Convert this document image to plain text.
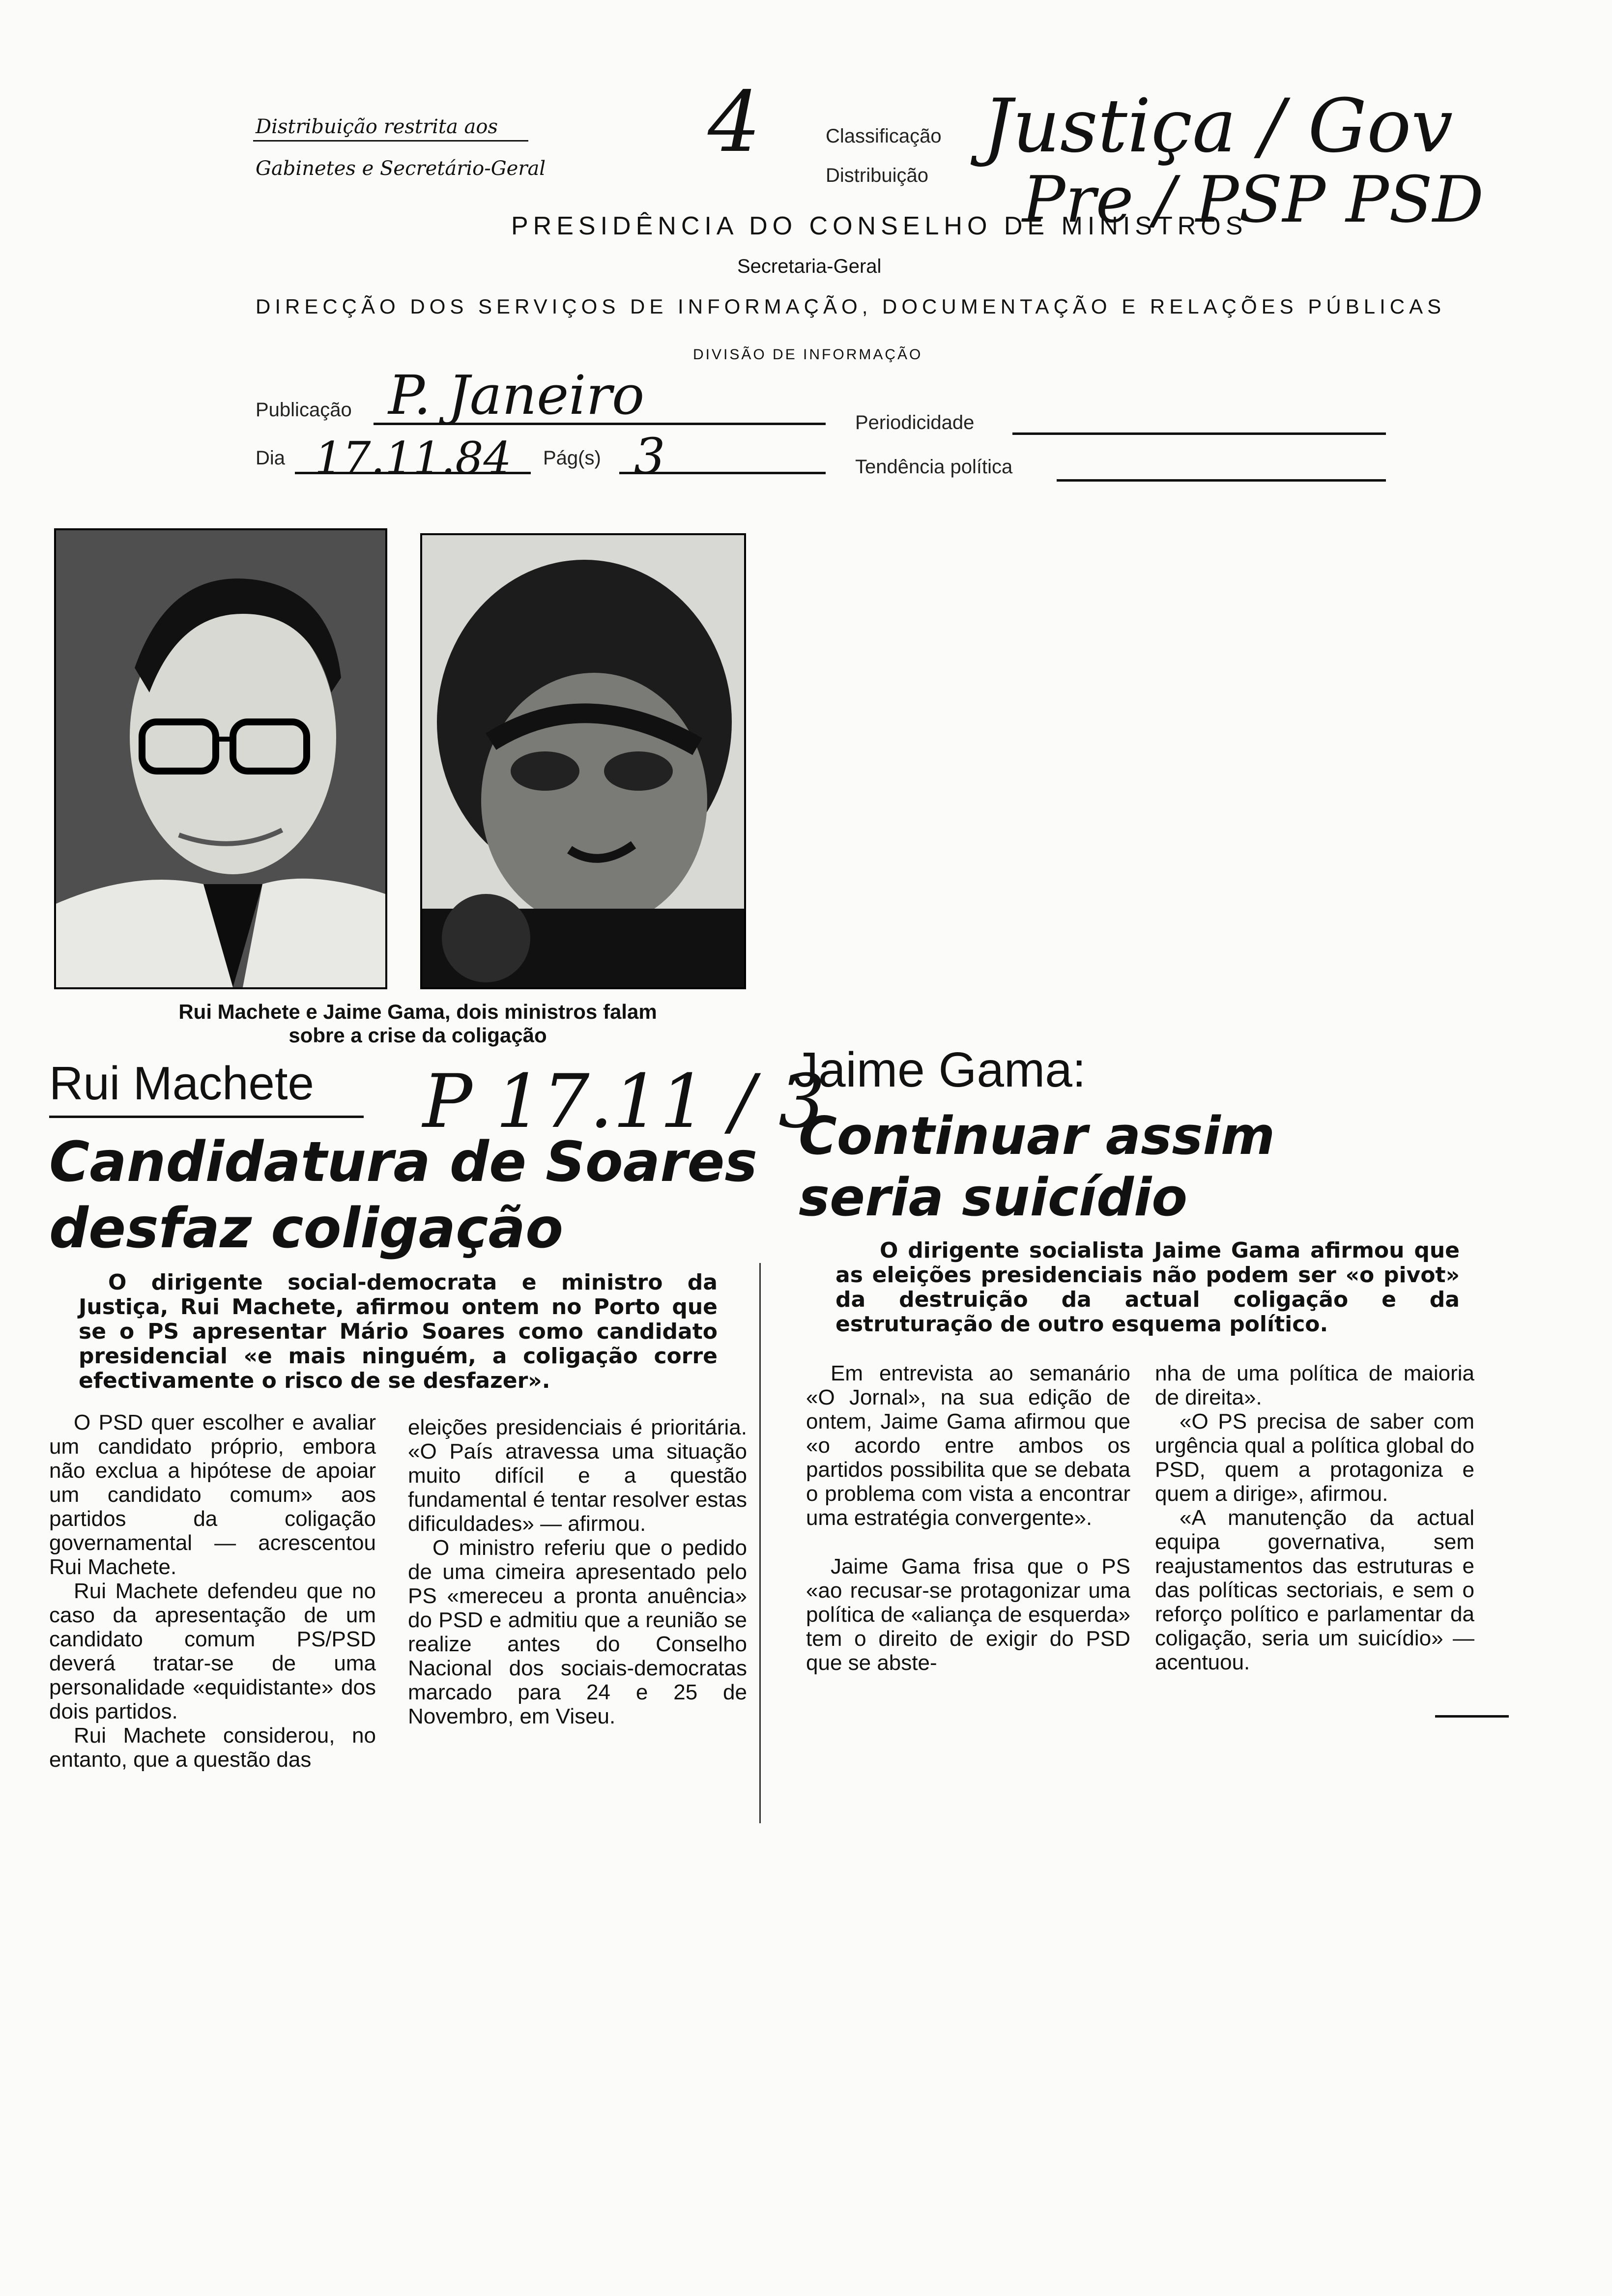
Distribuição restrita aos
Gabinetes e Secretário-Geral 4	Classificação
Distribuição
Justiça / Gov
Pre / PSP PSD
PRESIDÊNCIA DO CONSELHO DE MINISTROS
Secretaria-Geral
DIRECÇÃO DOS SERVIÇOS DE INFORMAÇÃO, DOCUMENTAÇÃO E RELAÇÕES PÚBLICAS
DIVISÃO DE INFORMAÇÃO
Publicação P. Janeiro	Periodicidade
Dia 17.11.84 Pág(s) 3	Tendência política
Rui Machete e Jaime Gama, dois ministros falam
sobre a crise da coligação
P 17.11 / 3
Rui Machete
Candidatura de Soares
desfaz coligação
O dirigente social-democrata e ministro da Justiça, Rui Machete, afirmou ontem no Porto que se o PS apresentar Mário Soares como candidato presidencial «e mais ninguém, a coligação corre efectivamente o risco de se desfazer».

O PSD quer escolher e avaliar um candidato próprio, embora não exclua a hipótese de apoiar um candidato comum» aos partidos da coligação governamental — acrescentou Rui Machete.

Rui Machete defendeu que no caso da apresentação de um candidato comum PS/PSD deverá tratar-se de uma personalidade «equidistante» dos dois partidos.

Rui Machete considerou, no entanto, que a questão das

eleições presidenciais é prioritária. «O País atravessa uma situação muito difícil e a questão fundamental é tentar resolver estas dificuldades» — afirmou.

O ministro referiu que o pedido de uma cimeira apresentado pelo PS «mereceu a pronta anuência» do PSD e admitiu que a reunião se realize antes do Conselho Nacional dos sociais-democratas marcado para 24 e 25 de Novembro, em Viseu.

Jaime Gama:
Continuar assim
seria suicídio
O dirigente socialista Jaime Gama afirmou que as eleições presidenciais não podem ser «o pivot» da destruição da actual coligação e da estruturação de outro esquema político.

Em entrevista ao semanário «O Jornal», na sua edição de ontem, Jaime Gama afirmou que «o acordo entre ambos os partidos possibilita que se debata o problema com vista a encontrar uma estratégia convergente».

Jaime Gama frisa que o PS «ao recusar-se protagonizar uma política de «aliança de esquerda» tem o direito de exigir do PSD que se abste-

nha de uma política de maioria de direita».

«O PS precisa de saber com urgência qual a política global do PSD, quem a protagoniza e quem a dirige», afirmou.

«A manutenção da actual equipa governativa, sem reajustamentos das estruturas e das políticas sectoriais, e sem o reforço político e parlamentar da coligação, seria um suicídio» — acentuou.
